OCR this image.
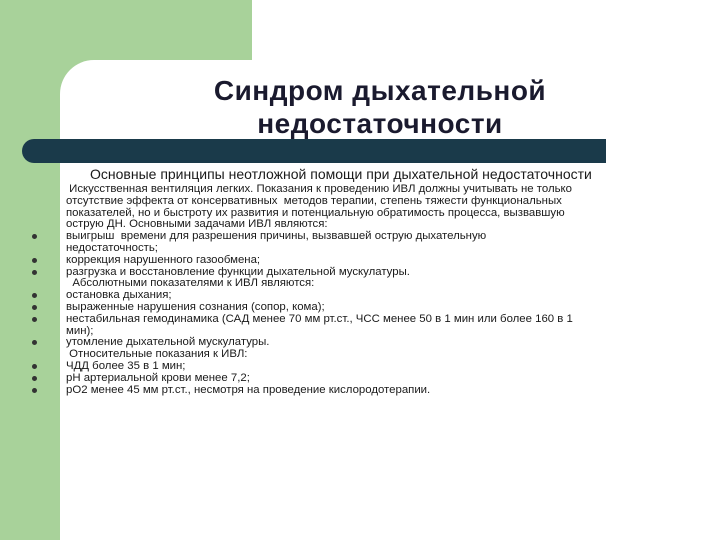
Синдром дыхательной
недостаточности
Основные принципы неотложной помощи при дыхательной недостаточности
Искусственная вентиляция легких. Показания к проведению ИВЛ должны учитывать не только
отсутствие эффекта от консервативных  методов терапии, степень тяжести функциональных
показателей, но и быстроту их развития и потенциальную обратимость процесса, вызвавшую
острую ДН. Основными задачами ИВЛ являются:
выигрыш  времени для разрешения причины, вызвавшей острую дыхательную
недостаточность;
коррекция нарушенного газообмена;
разгрузка и восстановление функции дыхательной мускулатуры.
Абсолютными показателями к ИВЛ являются:
остановка дыхания;
выраженные нарушения сознания (сопор, кома);
нестабильная гемодинамика (САД менее 70 мм рт.ст., ЧСС менее 50 в 1 мин или более 160 в 1
мин);
утомление дыхательной мускулатуры.
Относительные показания к ИВЛ:
ЧДД более 35 в 1 мин;
рН артериальной крови менее 7,2;
рО2 менее 45 мм рт.ст., несмотря на проведение кислородотерапии.
